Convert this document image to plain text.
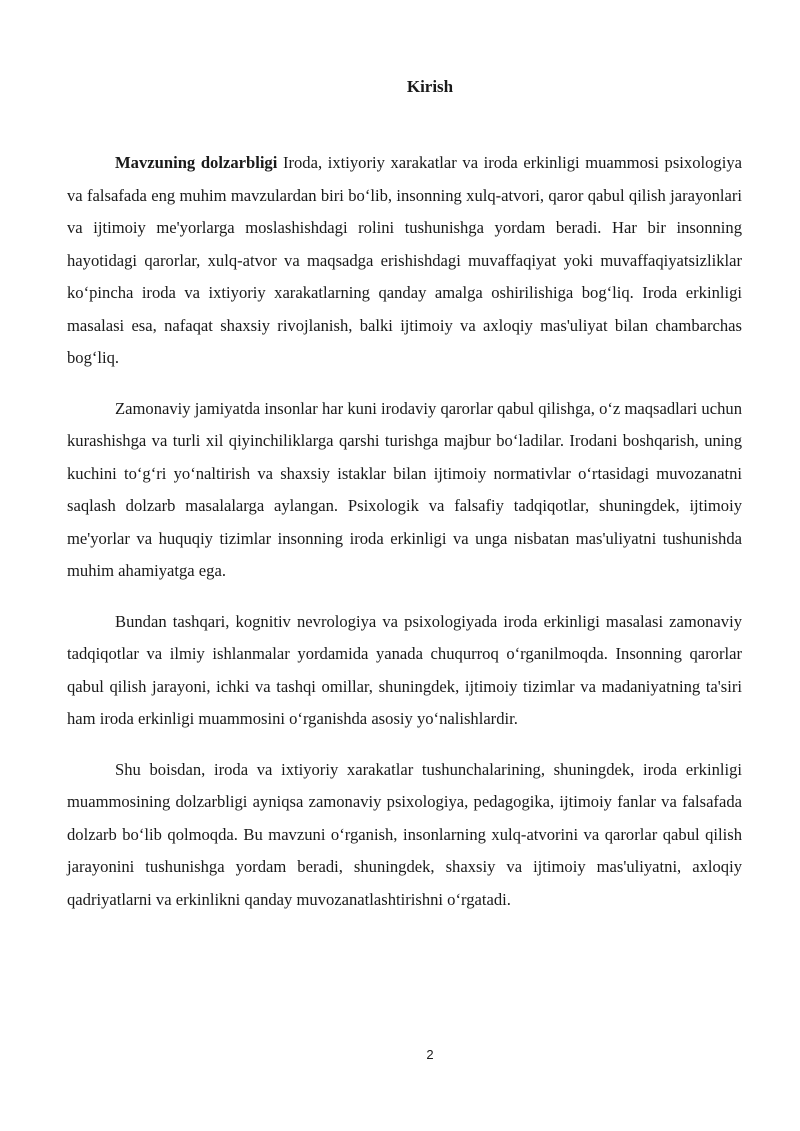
Kirish

Mavzuning dolzarbligi Iroda, ixtiyoriy xarakatlar va iroda erkinligi muammosi psixologiya va falsafada eng muhim mavzulardan biri bo‘lib, insonning xulq-atvori, qaror qabul qilish jarayonlari va ijtimoiy me'yorlarga moslashishdagi rolini tushunishga yordam beradi. Har bir insonning hayotidagi qarorlar, xulq-atvor va maqsadga erishishdagi muvaffaqiyat yoki muvaffaqiyatsizliklar ko‘pincha iroda va ixtiyoriy xarakatlarning qanday amalga oshirilishiga bog‘liq. Iroda erkinligi masalasi esa, nafaqat shaxsiy rivojlanish, balki ijtimoiy va axloqiy mas'uliyat bilan chambarchas bog‘liq.

Zamonaviy jamiyatda insonlar har kuni irodaviy qarorlar qabul qilishga, o‘z maqsadlari uchun kurashishga va turli xil qiyinchiliklarga qarshi turishga majbur bo‘ladilar. Irodani boshqarish, uning kuchini to‘g‘ri yo‘naltirish va shaxsiy istaklar bilan ijtimoiy normativlar o‘rtasidagi muvozanatni saqlash dolzarb masalalarga aylangan. Psixologik va falsafiy tadqiqotlar, shuningdek, ijtimoiy me'yorlar va huquqiy tizimlar insonning iroda erkinligi va unga nisbatan mas'uliyatni tushunishda muhim ahamiyatga ega.

Bundan tashqari, kognitiv nevrologiya va psixologiyada iroda erkinligi masalasi zamonaviy tadqiqotlar va ilmiy ishlanmalar yordamida yanada chuqurroq o‘rganilmoqda. Insonning qarorlar qabul qilish jarayoni, ichki va tashqi omillar, shuningdek, ijtimoiy tizimlar va madaniyatning ta'siri ham iroda erkinligi muammosini o‘rganishda asosiy yo‘nalishlardir.

Shu boisdan, iroda va ixtiyoriy xarakatlar tushunchalarining, shuningdek, iroda erkinligi muammosining dolzarbligi ayniqsa zamonaviy psixologiya, pedagogika, ijtimoiy fanlar va falsafada dolzarb bo‘lib qolmoqda. Bu mavzuni o‘rganish, insonlarning xulq-atvorini va qarorlar qabul qilish jarayonini tushunishga yordam beradi, shuningdek, shaxsiy va ijtimoiy mas'uliyatni, axloqiy qadriyatlarni va erkinlikni qanday muvozanatlashtirishni o‘rgatadi.

2
